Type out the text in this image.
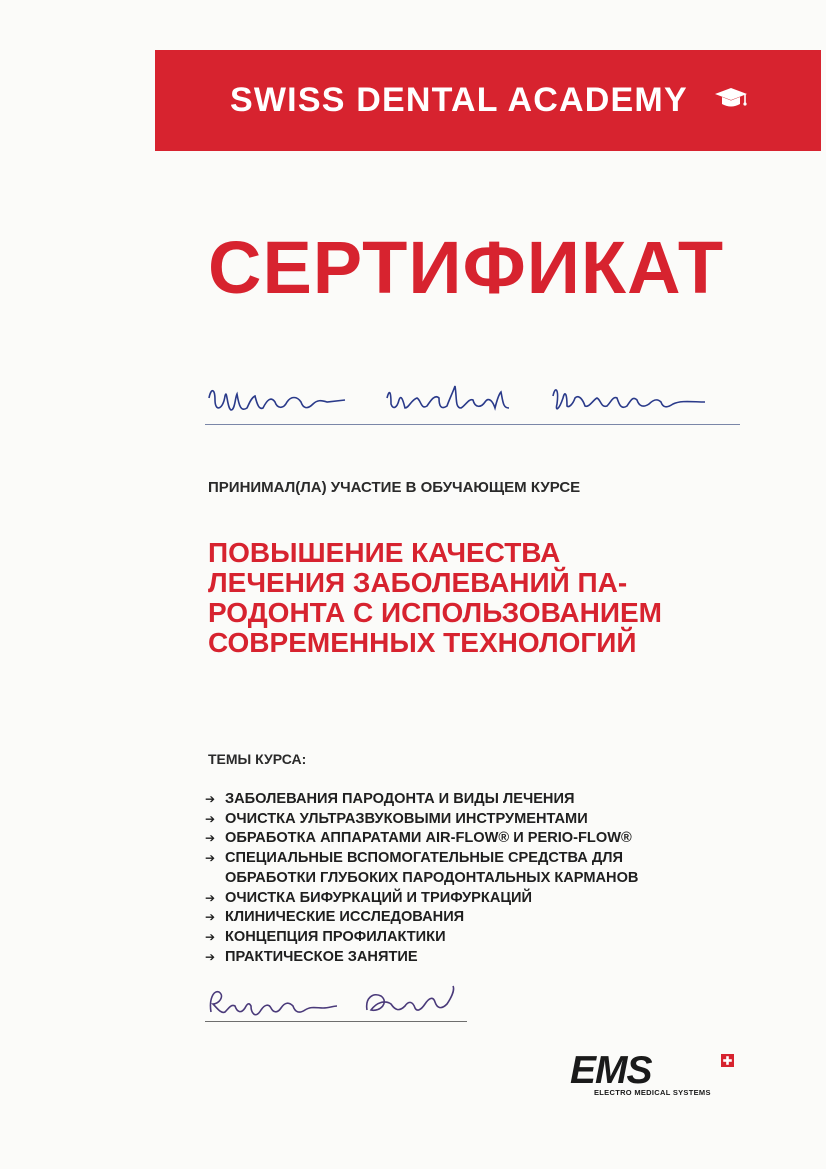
SWISS DENTAL ACADEMY
СЕРТИФИКАТ
ПРИНИМАЛ(ЛА) УЧАСТИЕ В ОБУЧАЮЩЕМ КУРСЕ
ПОВЫШЕНИЕ КАЧЕСТВА
ЛЕЧЕНИЯ ЗАБОЛЕВАНИЙ ПА-
РОДОНТА С ИСПОЛЬЗОВАНИЕМ
СОВРЕМЕННЫХ ТЕХНОЛОГИЙ
ТЕМЫ КУРСА:
➔ ЗАБОЛЕВАНИЯ ПАРОДОНТА И ВИДЫ ЛЕЧЕНИЯ
➔ ОЧИСТКА УЛЬТРАЗВУКОВЫМИ ИНСТРУМЕНТАМИ
➔ ОБРАБОТКА АППАРАТАМИ AIR-FLOW® И PERIO-FLOW®
➔ СПЕЦИАЛЬНЫЕ ВСПОМОГАТЕЛЬНЫЕ СРЕДСТВА ДЛЯ
ОБРАБОТКИ ГЛУБОКИХ ПАРОДОНТАЛЬНЫХ КАРМАНОВ
➔ ОЧИСТКА БИФУРКАЦИЙ И ТРИФУРКАЦИЙ
➔ КЛИНИЧЕСКИЕ ИССЛЕДОВАНИЯ
➔ КОНЦЕПЦИЯ ПРОФИЛАКТИКИ
➔ ПРАКТИЧЕСКОЕ ЗАНЯТИЕ
EMS
ELECTRO MEDICAL SYSTEMS
